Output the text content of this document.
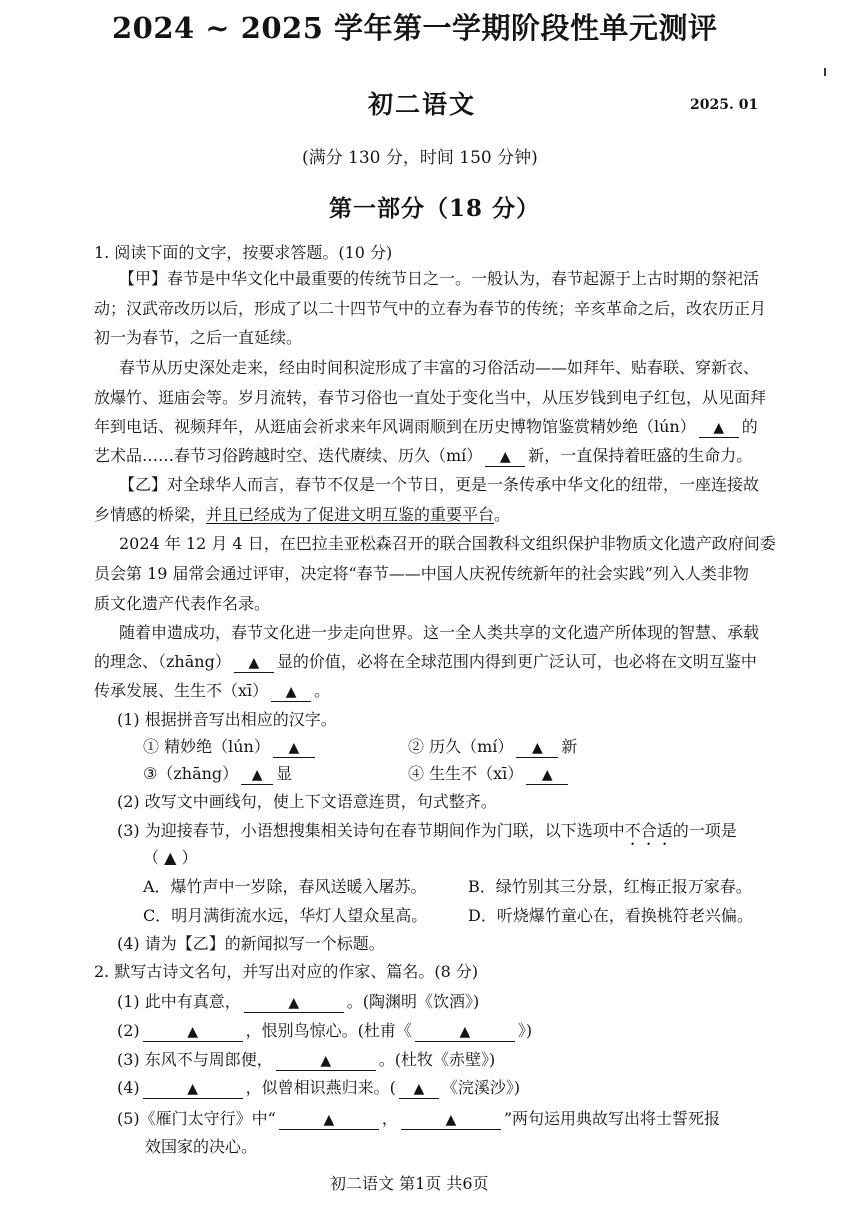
2024 ~ 2025 学年第一学期阶段性单元测评
初二语文	2025. 01
(满分 130 分，时间 150 分钟)
第一部分（18 分）
1. 阅读下面的文字，按要求答题。(10 分)
【甲】春节是中华文化中最重要的传统节日之一。一般认为，春节起源于上古时期的祭祀活
动；汉武帝改历以后，形成了以二十四节气中的立春为春节的传统；辛亥革命之后，改农历正月
初一为春节，之后一直延续。
春节从历史深处走来，经由时间积淀形成了丰富的习俗活动——如拜年、贴春联、穿新衣、
放爆竹、逛庙会等。岁月流转，春节习俗也一直处于变化当中，从压岁钱到电子红包，从见面拜
年到电话、视频拜年，从逛庙会祈求来年风调雨顺到在历史博物馆鉴赏精妙绝（lún） ▲ 的
艺术品……春节习俗跨越时空、迭代赓续、历久（mí） ▲ 新，一直保持着旺盛的生命力。
【乙】对全球华人而言，春节不仅是一个节日，更是一条传承中华文化的纽带，一座连接故
乡情感的桥梁，并且已经成为了促进文明互鉴的重要平台。
2024 年 12 月 4 日，在巴拉圭亚松森召开的联合国教科文组织保护非物质文化遗产政府间委
员会第 19 届常会通过评审，决定将“春节——中国人庆祝传统新年的社会实践”列入人类非物
质文化遗产代表作名录。
随着申遗成功，春节文化进一步走向世界。这一全人类共享的文化遗产所体现的智慧、承载
的理念、（zhāng） ▲ 显的价值，必将在全球范围内得到更广泛认可，也必将在文明互鉴中
传承发展、生生不（xī） ▲ 。
(1) 根据拼音写出相应的汉字。
① 精妙绝（lún） ▲	② 历久（mí） ▲ 新
③（zhāng） ▲ 显	④ 生生不（xī） ▲
(2) 改写文中画线句，使上下文语意连贯，句式整齐。
(3) 为迎接春节，小语想搜集相关诗句在春节期间作为门联，以下选项中不合适的一项是
（ ▲ ）
A．爆竹声中一岁除，春风送暖入屠苏。	B．绿竹别其三分景，红梅正报万家春。
C．明月满街流水远，华灯人望众星高。	D．听烧爆竹童心在，看换桃符老兴偏。
(4) 请为【乙】的新闻拟写一个标题。
2. 默写古诗文名句，并写出对应的作家、篇名。(8 分)
(1) 此中有真意，	▲	。(陶渊明《饮酒》)
(2)	▲	，恨别鸟惊心。(杜甫《	▲	》)
(3) 东风不与周郎便，	▲	。(杜牧《赤壁》)
(4)	▲	，似曾相识燕归来。( ▲ 《浣溪沙》)
(5)《雁门太守行》中“	▲	，	▲	”两句运用典故写出将士誓死报
效国家的决心。
初二语文 第1页 共6页
